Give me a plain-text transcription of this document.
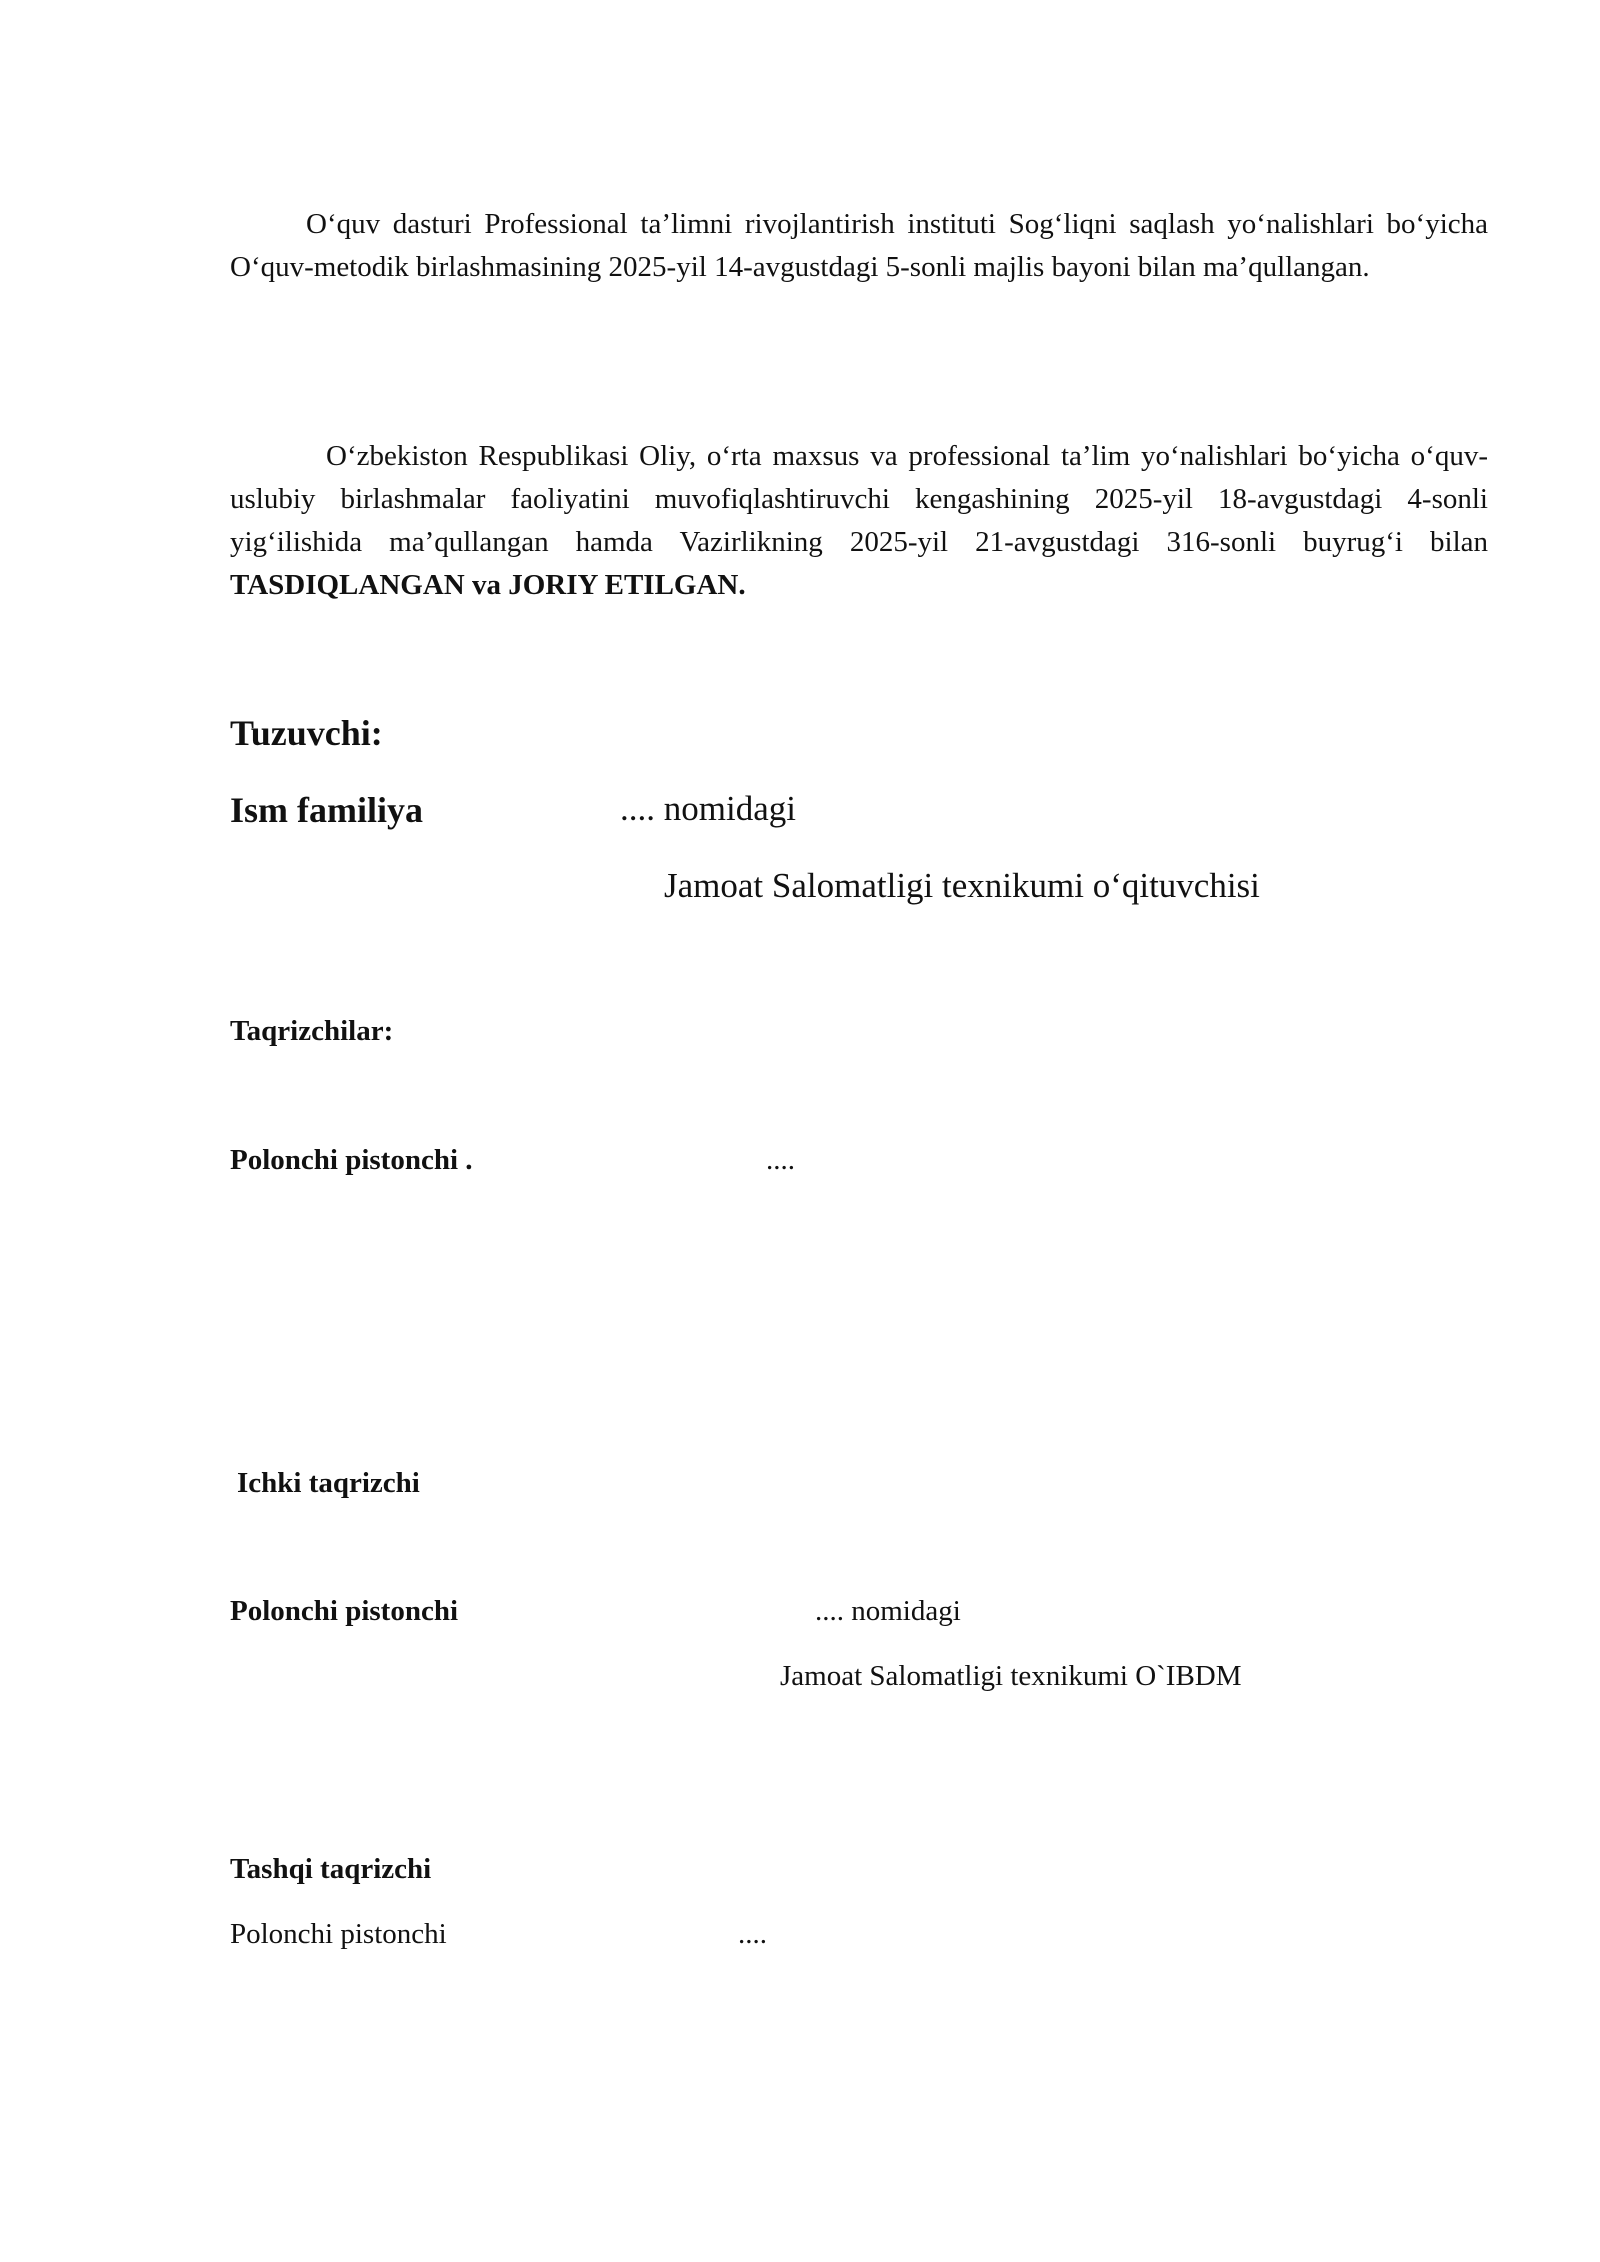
O‘quv dasturi Professional ta’limni rivojlantirish instituti Sog‘liqni saqlash yo‘nalishlari bo‘yicha O‘quv-metodik birlashmasining 2025-yil 14-avgustdagi 5-sonli majlis bayoni bilan ma’qullangan.

O‘zbekiston Respublikasi Oliy, o‘rta maxsus va professional ta’lim yo‘nalishlari bo‘yicha o‘quv-uslubiy birlashmalar faoliyatini muvofiqlashtiruvchi kengashining 2025-yil 18-avgustdagi 4-sonli yig‘ilishida ma’qullangan hamda Vazirlikning 2025-yil 21-avgustdagi 316-sonli buyrug‘i bilan TASDIQLANGAN va JORIY ETILGAN.

Tuzuvchi:
Ism familiya	.... nomidagi
Jamoat Salomatligi texnikumi o‘qituvchisi
Taqrizchilar:
Polonchi pistonchi .	....
Ichki taqrizchi
Polonchi pistonchi	.... nomidagi
Jamoat Salomatligi texnikumi O`IBDM
Tashqi taqrizchi
Polonchi pistonchi	....
